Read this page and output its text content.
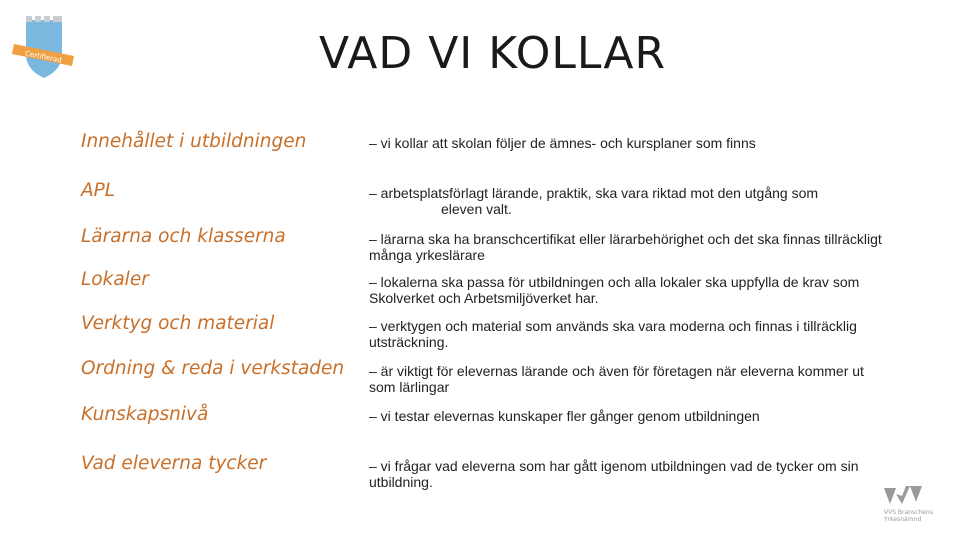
Certifierad	VAD VI KOLLAR
Innehållet i utbildningen	– vi kollar att skolan följer de ämnes- och kursplaner som finns
APL	– arbetsplatsförlagt lärande, praktik, ska vara riktad mot den utgång som
eleven valt.
Lärarna och klasserna	– lärarna ska ha branschcertifikat eller lärarbehörighet och det ska finnas tillräckligt många yrkeslärare
Lokaler	– lokalerna ska passa för utbildningen och alla lokaler ska uppfylla de krav som Skolverket och Arbetsmiljöverket har.
Verktyg och material	– verktygen och material som används ska vara moderna och finnas i tillräcklig utsträckning.
Ordning & reda i verkstaden – är viktigt för elevernas lärande och även för företagen när eleverna kommer ut som lärlingar
Kunskapsnivå	– vi testar elevernas kunskaper fler gånger genom utbildningen
Vad eleverna tycker	– vi frågar vad eleverna som har gått igenom utbildningen vad de tycker om sin utbildning.
VVS Branschens
Yrkesnämnd
